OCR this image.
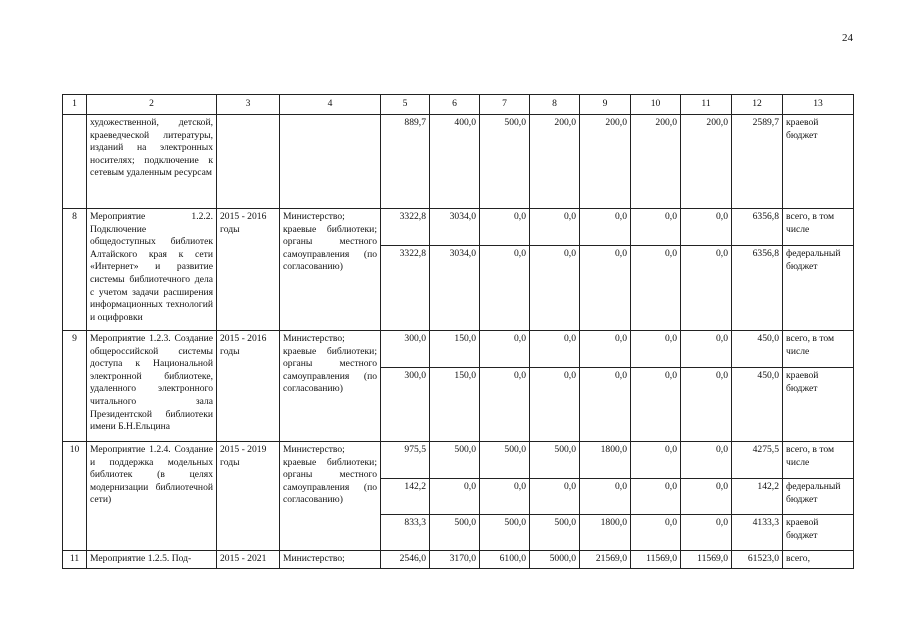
24
1	2	3	4	5	6	7	8	9	10	11	12	13
	художественной, детской, краеведческой литературы, изданий на электронных носителях; подключение к сетевым удаленным ресурсам			889,7	400,0	500,0	200,0	200,0	200,0	200,0	2589,7	краевой бюджет
8	Мероприятие 1.2.2. Подключение общедоступных библиотек Алтайского края к сети «Интернет» и развитие системы библиотечного дела с учетом задачи расширения информационных технологий и оцифровки	2015 - 2016 годы	Министерство; краевые библиотеки; органы местного самоуправления (по согласованию)	3322,8	3034,0	0,0	0,0	0,0	0,0	0,0	6356,8	всего, в том числе
				3322,8	3034,0	0,0	0,0	0,0	0,0	0,0	6356,8	федеральный бюджет
9	Мероприятие 1.2.3. Создание общероссийской системы доступа к Национальной электронной библиотеке, удаленного электронного читального зала Президентской библиотеки имени Б.Н.Ельцина	2015 - 2016 годы	Министерство; краевые библиотеки; органы местного самоуправления (по согласованию)	300,0	150,0	0,0	0,0	0,0	0,0	0,0	450,0	всего, в том числе
				300,0	150,0	0,0	0,0	0,0	0,0	0,0	450,0	краевой бюджет
10	Мероприятие 1.2.4. Создание и поддержка модельных библиотек (в целях модернизации библиотечной сети)	2015 - 2019 годы	Министерство; краевые библиотеки; органы местного самоуправления (по согласованию)	975,5	500,0	500,0	500,0	1800,0	0,0	0,0	4275,5	всего, в том числе
				142,2	0,0	0,0	0,0	0,0	0,0	0,0	142,2	федеральный бюджет
				833,3	500,0	500,0	500,0	1800,0	0,0	0,0	4133,3	краевой бюджет
11	Мероприятие 1.2.5. Под-	2015 - 2021	Министерство;	2546,0	3170,0	6100,0	5000,0	21569,0	11569,0	11569,0	61523,0	всего,
